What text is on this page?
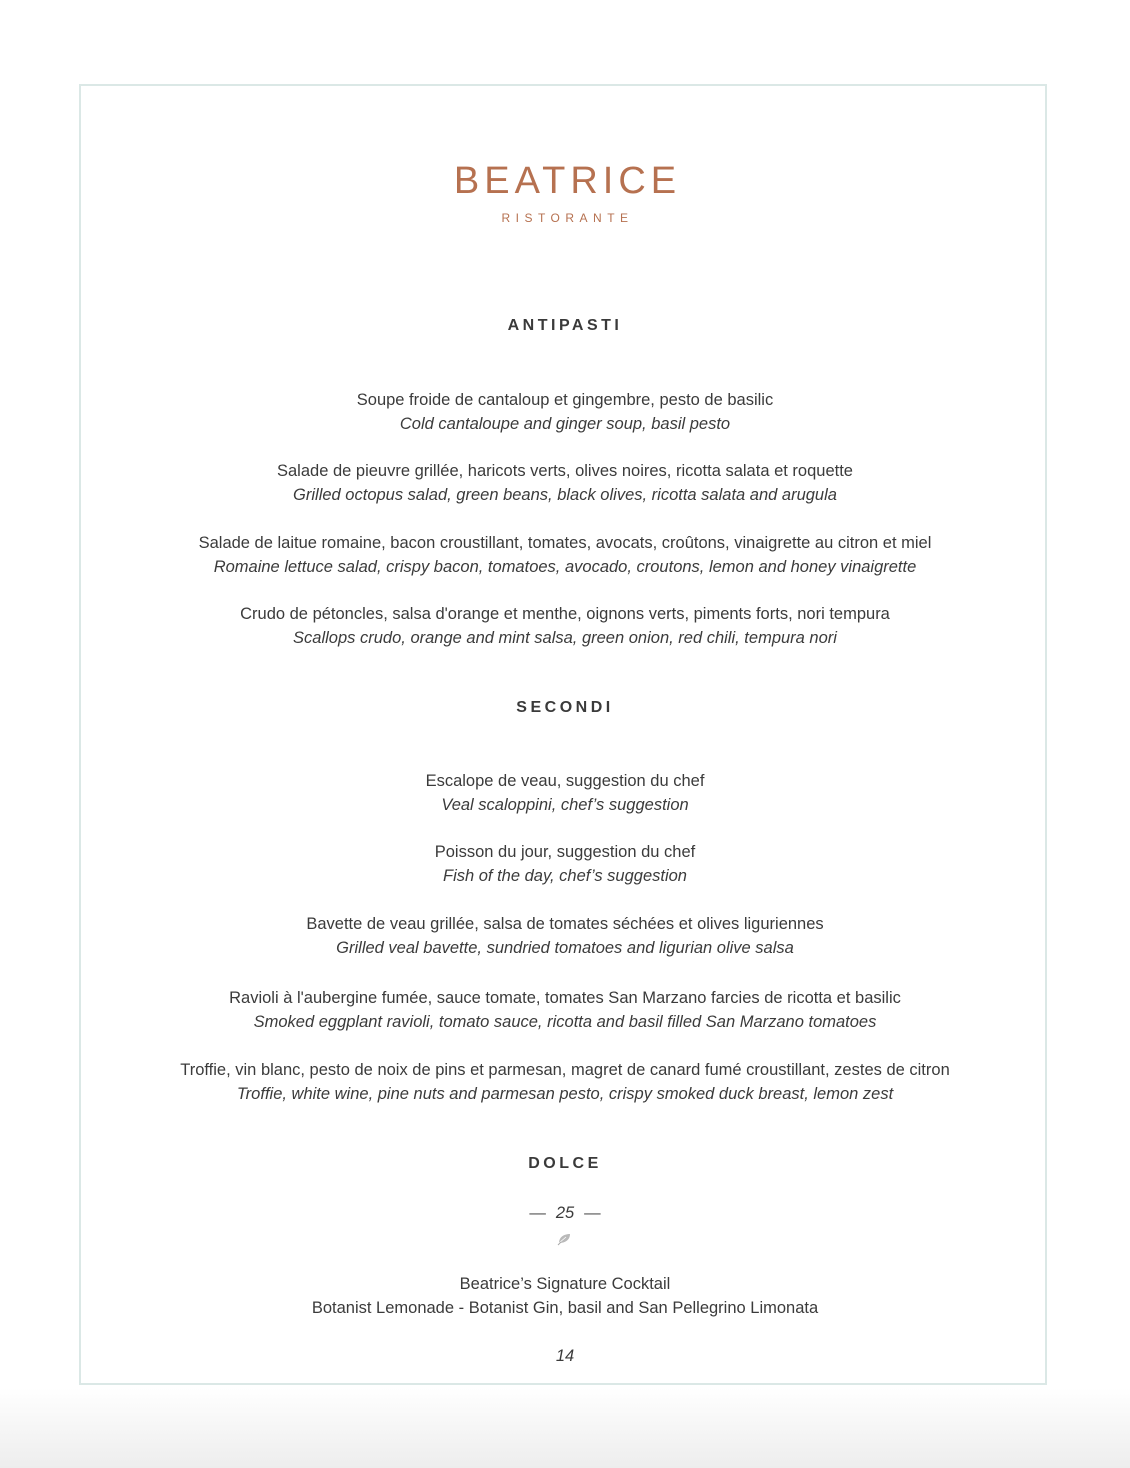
BEATRICE
RISTORANTE
ANTIPASTI
Soupe froide de cantaloup et gingembre, pesto de basilic
Cold cantaloupe and ginger soup, basil pesto
Salade de pieuvre grillée, haricots verts, olives noires, ricotta salata et roquette
Grilled octopus salad, green beans, black olives, ricotta salata and arugula
Salade de laitue romaine, bacon croustillant, tomates, avocats, croûtons, vinaigrette au citron et miel
Romaine lettuce salad, crispy bacon, tomatoes, avocado, croutons, lemon and honey vinaigrette
Crudo de pétoncles, salsa d'orange et menthe, oignons verts, piments forts, nori tempura
Scallops crudo, orange and mint salsa, green onion, red chili, tempura nori
SECONDI
Escalope de veau, suggestion du chef
Veal scaloppini, chef’s suggestion
Poisson du jour, suggestion du chef
Fish of the day, chef’s suggestion
Bavette de veau grillée, salsa de tomates séchées et olives liguriennes
Grilled veal bavette, sundried tomatoes and ligurian olive salsa
Ravioli à l'aubergine fumée, sauce tomate, tomates San Marzano farcies de ricotta et basilic
Smoked eggplant ravioli, tomato sauce, ricotta and basil filled San Marzano tomatoes
Troffie, vin blanc, pesto de noix de pins et parmesan, magret de canard fumé croustillant, zestes de citron
Troffie, white wine, pine nuts and parmesan pesto, crispy smoked duck breast, lemon zest
DOLCE
— 25 —
Beatrice’s Signature Cocktail
Botanist Lemonade - Botanist Gin, basil and San Pellegrino Limonata
14
